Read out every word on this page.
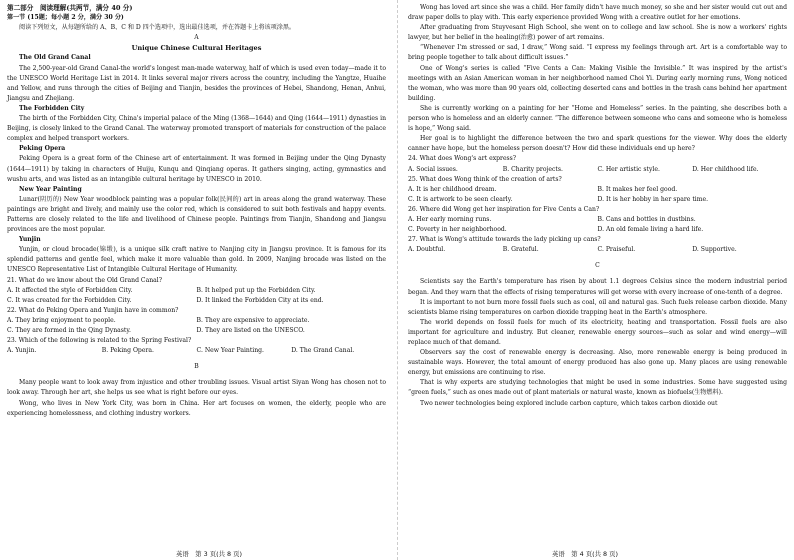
第二部分　阅读理解(共两节，满分 40 分)

第一节 (15题；每小题 2 分，满分 30 分)

阅读下列短文，从每题所给的 A、B、C 和 D 四个选项中，选出最佳选项，并在答题卡上将该项涂黑。

A

Unique Chinese Cultural Heritages

The Old Grand Canal

The 2,500-year-old Grand Canal-the world's longest man-made waterway, half of which is used even today—made it to the UNESCO World Heritage List in 2014. It links several major rivers across the country, including the Yangtze, Huaihe and Yellow, and runs through the cities of Beijing and Tianjin, besides the provinces of Hebei, Shandong, Henan, Anhui, Jiangsu and Zhejiang.

The Forbidden City

The birth of the Forbidden City, China's imperial palace of the Ming (1368—1644) and Qing (1644—1911) dynasties in Beijing, is closely linked to the Grand Canal. The waterway promoted transport of materials for construction of the palace complex and helped transport workers.

Peking Opera

Peking Opera is a great form of the Chinese art of entertainment. It was formed in Beijing under the Qing Dynasty (1644—1911) by taking in characters of Huiju, Kunqu and Qinqiang operas. It gathers singing, acting, gymnastics and wushu arts, and was listed as an intangible cultural heritage by UNESCO in 2010.

New Year Painting

Lunar(阴历的) New Year woodblock painting was a popular folk(民间的) art in areas along the grand waterway. These paintings are bright and lively, and mainly use the color red, which is considered to suit both festivals and happy events. Patterns are closely related to the life and livelihood of Chinese people. Paintings from Tianjin, Shandong and Jiangsu provinces are the most popular.

Yunjin

Yunjin, or cloud brocade(锦缎), is a unique silk craft native to Nanjing city in Jiangsu province. It is famous for its splendid patterns and gentle feel, which make it more valuable than gold. In 2009, Nanjing brocade was listed on the UNESCO Representative List of Intangible Cultural Heritage of Humanity.

21. What do we know about the Old Grand Canal?

A. It affected the style of Forbidden City.	B. It helped put up the Forbidden City.
C. It was created for the Forbidden City.	D. It linked the Forbidden City at its end.

22. What do Peking Opera and Yunjin have in common?

A. They bring enjoyment to people.	B. They are expensive to appreciate.
C. They are formed in the Qing Dynasty.	D. They are listed on the UNESCO.

23. Which of the following is related to the Spring Festival?

A. Yunjin.	B. Peking Opera.	C. New Year Painting.	D. The Grand Canal.

B

Many people want to look away from injustice and other troubling issues. Visual artist Siyan Wong has chosen not to look away. Through her art, she helps us see what is right before our eyes.

Wong, who lives in New York City, was born in China. Her art focuses on women, the elderly, people who are experiencing homelessness, and clothing industry workers.

Wong has loved art since she was a child. Her family didn't have much money, so she and her sister would cut out and draw paper dolls to play with. This early experience provided Wong with a creative outlet for her emotions.

After graduating from Stuyvesant High School, she went on to college and law school. She is now a workers' rights lawyer, but her belief in the healing(治愈) power of art remains.

“Whenever I'm stressed or sad, I draw,” Wong said. “I express my feelings through art. Art is a comfortable way to bring people together to talk about difficult issues.”

One of Wong's series is called “Five Cents a Can: Making Visible the Invisible.” It was inspired by the artist's meetings with an Asian American woman in her neighborhood named Choi Yi. During early morning runs, Wong noticed the woman, who was more than 90 years old, collecting deserted cans and bottles in the trash cans behind her apartment building.

She is currently working on a painting for her “Home and Homeless” series. In the painting, she describes both a person who is homeless and an elderly canner. “The difference between someone who cans and someone who is homeless is hope,” Wong said.

Her goal is to highlight the difference between the two and spark questions for the viewer. Why does the elderly canner have hope, but the homeless person doesn't? How did these individuals end up here?

24. What does Wong's art express?

A. Social issues.	B. Charity projects.	C. Her artistic style.	D. Her childhood life.

25. What does Wong think of the creation of arts?

A. It is her childhood dream.	B. It makes her feel good.
C. It is artwork to be seen clearly.	D. It is her hobby in her spare time.

26. Where did Wong get her inspiration for Five Cents a Can?

A. Her early morning runs.	B. Cans and bottles in dustbins.
C. Poverty in her neighborhood.	D. An old female living a hard life.

27. What is Wong's attitude towards the lady picking up cans?

A. Doubtful.	B. Grateful.	C. Praiseful.	D. Supportive.

C

Scientists say the Earth's temperature has risen by about 1.1 degrees Celsius since the modern industrial period began. And they warn that the effects of rising temperatures will get worse with every increase of one-tenth of a degree.

It is important to not burn more fossil fuels such as coal, oil and natural gas. Such fuels release carbon dioxide. Many scientists blame rising temperatures on carbon dioxide trapping heat in the Earth's atmosphere.

The world depends on fossil fuels for much of its electricity, heating and transportation. Fossil fuels are also important for agriculture and industry. But cleaner, renewable energy sources—such as solar and wind energy—will replace much of that demand.

Observers say the cost of renewable energy is decreasing. Also, more renewable energy is being produced in sustainable ways. However, the total amount of energy produced has also gone up. Many places are using renewable energy, but emissions are continuing to rise.

That is why experts are studying technologies that might be used in some industries. Some have suggested using “green fuels,” such as ones made out of plant materials or natural waste, known as biofuels(生物燃料).

Two newer technologies being explored include carbon capture, which takes carbon dioxide out

英语　第 3 页(共 8 页)	英语　第 4 页(共 8 页)
